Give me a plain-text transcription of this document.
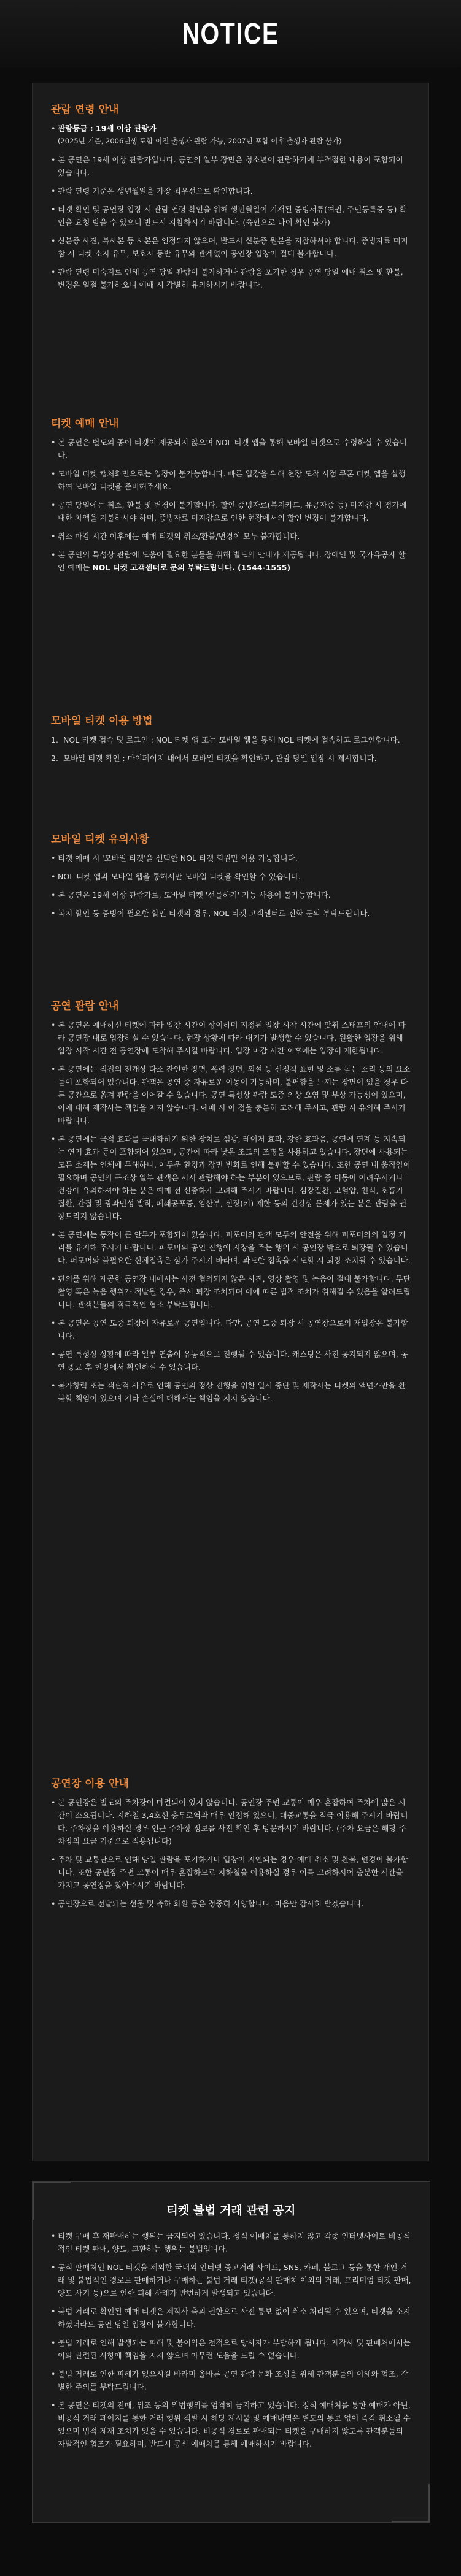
NOTICE
관람 연령 안내
• 관람등급 : 19세 이상 관람가
(2025년 기준, 2006년생 포함 이전 출생자 관람 가능, 2007년 포함 이후 출생자 관람 불가)
• 본 공연은 19세 이상 관람가입니다. 공연의 일부 장면은 청소년이 관람하기에 부적절한 내용이 포함되어 있습니다.
• 관람 연령 기준은 생년월일을 가장 최우선으로 확인합니다.
• 티켓 확인 및 공연장 입장 시 관람 연령 확인을 위해 생년월일이 기재된 증빙서류(여권, 주민등록증 등) 확인을 요청 받을 수 있으니 반드시 지참하시기 바랍니다. (육안으로 나이 확인 불가)
• 신분증 사진, 복사본 등 사본은 인정되지 않으며, 반드시 신분증 원본을 지참하셔야 합니다. 증빙자료 미지참 시 티켓 소지 유무, 보호자 동반 유무와 관계없이 공연장 입장이 절대 불가합니다.
• 관람 연령 미숙지로 인해 공연 당일 관람이 불가하거나 관람을 포기한 경우 공연 당일 예매 취소 및 환불, 변경은 일절 불가하오니 예매 시 각별히 유의하시기 바랍니다.
티켓 예매 안내
• 본 공연은 별도의 종이 티켓이 제공되지 않으며 NOL 티켓 앱을 통해 모바일 티켓으로 수령하실 수 있습니다.
• 모바일 티켓 캡처화면으로는 입장이 불가능합니다. 빠른 입장을 위해 현장 도착 시점 쿠폰 티켓 앱을 실행하여 모바일 티켓을 준비해주세요.
• 공연 당일에는 취소, 환불 및 변경이 불가합니다. 할인 증빙자료(복지카드, 유공자증 등) 미지참 시 정가에 대한 차액을 지불하셔야 하며, 증빙자료 미지참으로 인한 현장에서의 할인 변경이 불가합니다.
• 취소 마감 시간 이후에는 예매 티켓의 취소/환불/변경이 모두 불가합니다.
• 본 공연의 특성상 관람에 도움이 필요한 분들을 위해 별도의 안내가 제공됩니다. 장애인 및 국가유공자 할인 예매는 NOL 티켓 고객센터로 문의 부탁드립니다. (1544-1555)
모바일 티켓 이용 방법
1. NOL 티켓 접속 및 로그인 : NOL 티켓 앱 또는 모바일 웹을 통해 NOL 티켓에 접속하고 로그인합니다.
2. 모바일 티켓 확인 : 마이페이지 내에서 모바일 티켓을 확인하고, 관람 당일 입장 시 제시합니다.
모바일 티켓 유의사항
• 티켓 예매 시 '모바일 티켓'을 선택한 NOL 티켓 회원만 이용 가능합니다.
• NOL 티켓 앱과 모바일 웹을 통해서만 모바일 티켓을 확인할 수 있습니다.
• 본 공연은 19세 이상 관람가로, 모바일 티켓 '선물하기' 기능 사용이 불가능합니다.
• 복지 할인 등 증빙이 필요한 할인 티켓의 경우, NOL 티켓 고객센터로 전화 문의 부탁드립니다.
공연 관람 안내
• 본 공연은 예매하신 티켓에 따라 입장 시간이 상이하며 지정된 입장 시작 시간에 맞춰 스태프의 안내에 따라 공연장 내로 입장하실 수 있습니다. 현장 상황에 따라 대기가 발생할 수 있습니다. 원활한 입장을 위해 입장 시작 시간 전 공연장에 도착해 주시길 바랍니다. 입장 마감 시간 이후에는 입장이 제한됩니다.
• 본 공연에는 직접의 전개상 다소 잔인한 장면, 폭력 장면, 외설 등 선정적 표현 및 소름 돋는 소리 등의 요소들이 포함되어 있습니다. 관객은 공연 중 자유로운 이동이 가능하며, 불편함을 느끼는 장면이 있을 경우 다른 공간으로 옮겨 관람을 이어갈 수 있습니다. 공연 특성상 관람 도중 의상 오염 및 부상 가능성이 있으며, 이에 대해 제작사는 책임을 지지 않습니다. 예매 시 이 점을 충분히 고려해 주시고, 관람 시 유의해 주시기 바랍니다.
• 본 공연에는 극적 효과를 극대화하기 위한 장치로 섬광, 레이저 효과, 강한 효과음, 공연에 연계 등 지속되는 연기 효과 등이 포함되어 있으며, 공간에 따라 낮은 조도의 조명을 사용하고 있습니다. 장면에 사용되는 모든 소재는 인체에 무해하나, 어두운 환경과 장면 변화로 인해 불편할 수 있습니다. 또한 공연 내 움직임이 필요하며 공연의 구조상 일부 관객은 서서 관람해야 하는 부분이 있으므로, 관람 중 이동이 어려우시거나 건강에 유의하셔야 하는 분은 예매 전 신중하게 고려해 주시기 바랍니다. 심장질환, 고혈압, 천식, 호흡기 질환, 간질 및 광과민성 발작, 폐쇄공포증, 임산부, 신장(키) 제한 등의 건강상 문제가 있는 분은 관람을 권장드리지 않습니다.
• 본 공연에는 동작이 큰 안무가 포함되어 있습니다. 퍼포머와 관객 모두의 안전을 위해 퍼포머와의 일정 거리를 유지해 주시기 바랍니다. 퍼포머의 공연 진행에 지장을 주는 행위 시 공연장 밖으로 퇴장될 수 있습니다. 퍼포머와 불필요한 신체접촉은 삼가 주시기 바라며, 과도한 접촉을 시도할 시 퇴장 조치될 수 있습니다.
• 편의를 위해 제공한 공연장 내에서는 사전 협의되지 않은 사진, 영상 촬영 및 녹음이 절대 불가합니다. 무단 촬영 혹은 녹음 행위가 적발될 경우, 즉시 퇴장 조치되며 이에 따른 법적 조치가 취해질 수 있음을 알려드립니다. 관객분들의 적극적인 협조 부탁드립니다.
• 본 공연은 공연 도중 퇴장이 자유로운 공연입니다. 다만, 공연 도중 퇴장 시 공연장으로의 재입장은 불가합니다.
• 공연 특성상 상황에 따라 일부 연출이 유동적으로 진행될 수 있습니다. 캐스팅은 사전 공지되지 않으며, 공연 종료 후 현장에서 확인하실 수 있습니다.
• 불가항력 또는 객관적 사유로 인해 공연의 정상 진행을 위한 일시 중단 및 제작사는 티켓의 액면가만을 환불할 책임이 있으며 기타 손실에 대해서는 책임을 지지 않습니다.
공연장 이용 안내
• 본 공연장은 별도의 주차장이 마련되어 있지 않습니다. 공연장 주변 교통이 매우 혼잡하여 주차에 많은 시간이 소요됩니다. 지하철 3,4호선 충무로역과 매우 인접해 있으니, 대중교통을 적극 이용해 주시기 바랍니다. 주차장을 이용하실 경우 인근 주차장 정보를 사전 확인 후 방문하시기 바랍니다. (주차 요금은 해당 주차장의 요금 기준으로 적용됩니다)
• 주차 및 교통난으로 인해 당일 관람을 포기하거나 입장이 지연되는 경우 예매 취소 및 환불, 변경이 불가합니다. 또한 공연장 주변 교통이 매우 혼잡하므로 지하철을 이용하실 경우 이를 고려하시어 충분한 시간을 가지고 공연장을 찾아주시기 바랍니다.
• 공연장으로 전달되는 선물 및 축하 화환 등은 정중히 사양합니다. 마음만 감사히 받겠습니다.
티켓 불법 거래 관련 공지
• 티켓 구매 후 재판매하는 행위는 금지되어 있습니다. 정식 예매처를 통하지 않고 각종 인터넷사이트 비공식적인 티켓 판매, 양도, 교환하는 행위는 불법입니다.
• 공식 판매처인 NOL 티켓을 제외한 국내외 인터넷 중고거래 사이트, SNS, 카페, 블로그 등을 통한 개인 거래 및 불법적인 경로로 판매하거나 구매하는 불법 거래 티켓(공식 판매처 이외의 거래, 프리미엄 티켓 판매, 양도 사기 등)으로 인한 피해 사례가 반번하게 발생되고 있습니다.
• 불법 거래로 확인된 예매 티켓은 제작사 측의 권한으로 사전 통보 없이 취소 처리될 수 있으며, 티켓을 소지하셨더라도 공연 당일 입장이 불가합니다.
• 불법 거래로 인해 발생되는 피해 및 불이익은 전적으로 당사자가 부담하게 됩니다. 제작사 및 판매처에서는 이와 관련된 사항에 책임을 지지 않으며 아무런 도움을 드릴 수 없습니다.
• 불법 거래로 인한 피해가 없으시길 바라며 올바른 공연 관람 문화 조성을 위해 관객분들의 이해와 협조, 각별한 주의를 부탁드립니다.
• 본 공연은 티켓의 전매, 위조 등의 위법행위를 엄격히 금지하고 있습니다. 정식 예매처를 통한 예매가 아닌, 비공식 거래 페이지를 통한 거래 행위 적발 시 해당 계시물 및 예매내역은 별도의 통보 없이 즉각 취소될 수 있으며 법적 제재 조치가 있을 수 있습니다. 비공식 경로로 판매되는 티켓을 구매하지 않도록 관객분들의 자발적인 협조가 필요하며, 반드시 공식 예매처를 통해 예매하시기 바랍니다.
